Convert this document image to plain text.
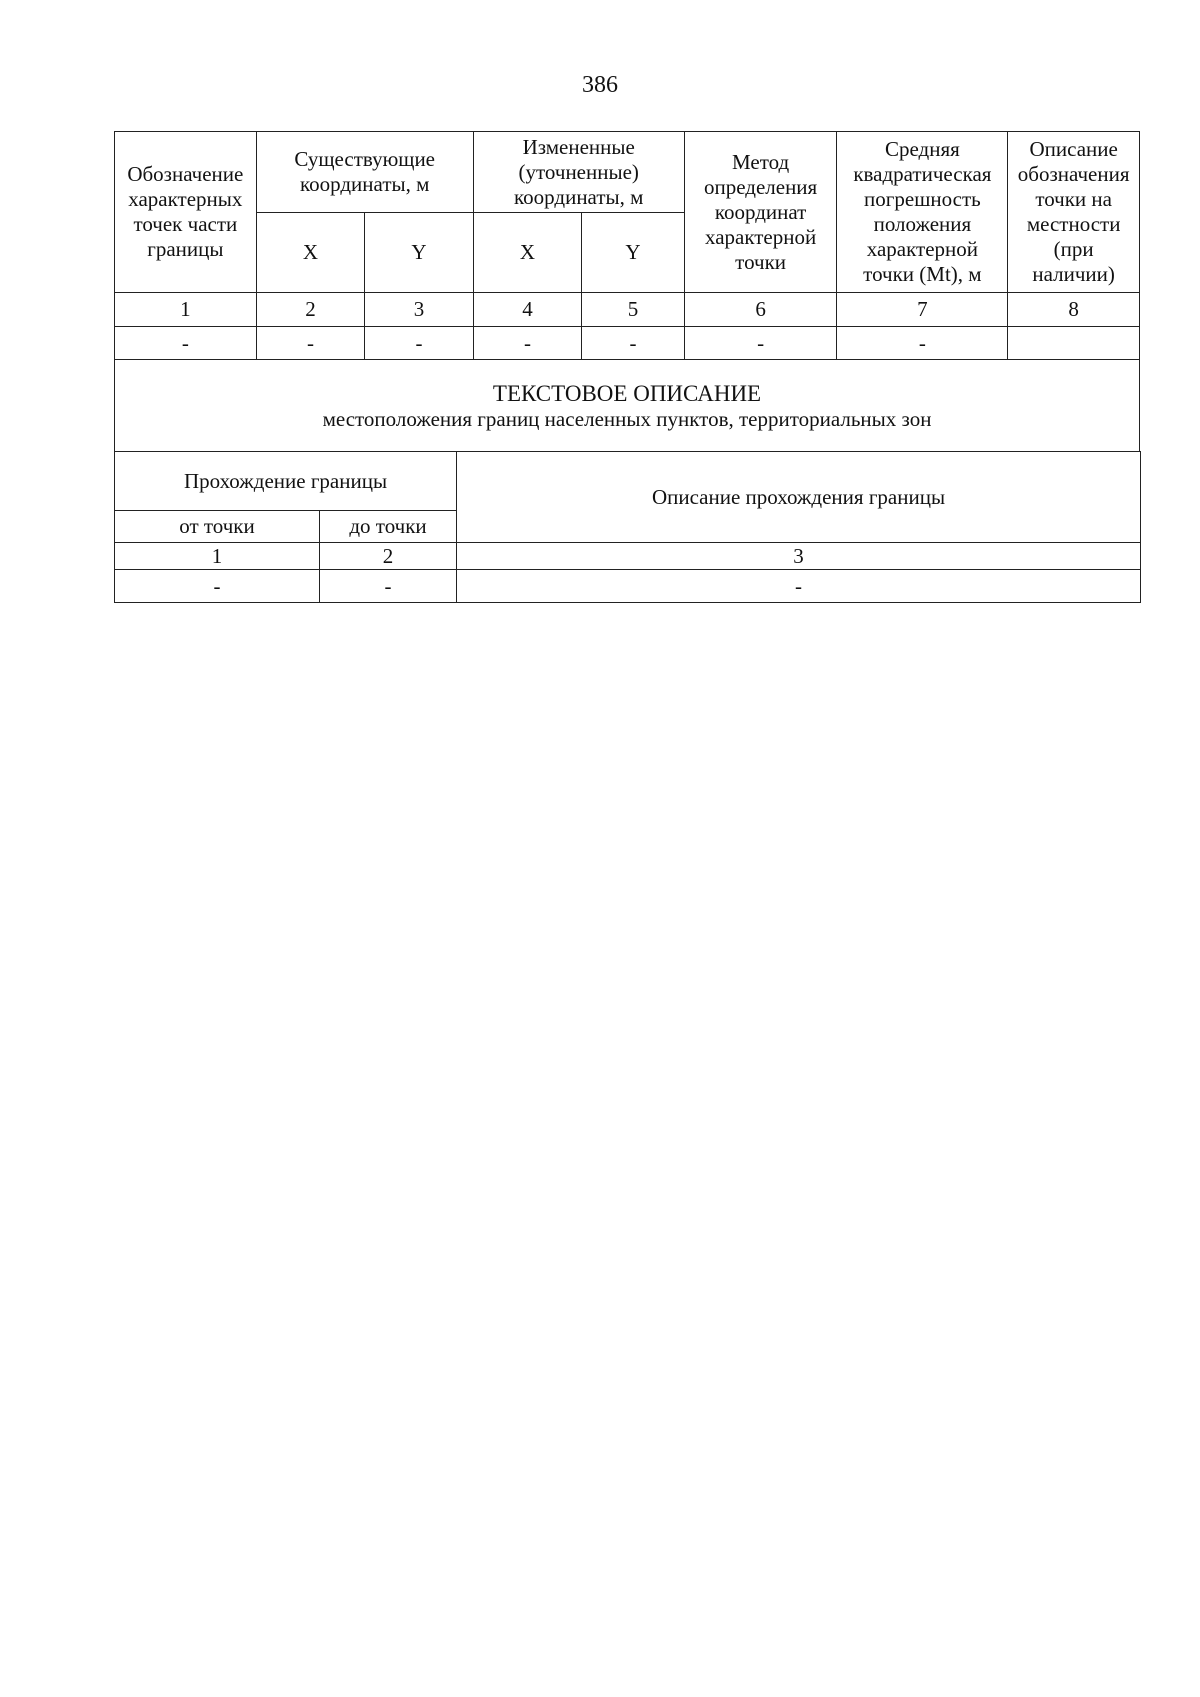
386
Обозначение характерных точек части границы	Существующие координаты, м		Измененные (уточненные) координаты, м		Метод определения координат характерной точки	Средняя квадратическая погрешность положения характерной точки (Mt), м	Описание обозначения точки на местности (при наличии)
	X	Y	X	Y			
1	2	3	4	5	6	7	8
-	-	-	-	-	-	-	

ТЕКСТОВОЕ ОПИСАНИЕ
местоположения границ населенных пунктов, территориальных зон							
Прохождение границы		Описание прохождения границы
от точки	до точки	
1	2	3
-	-	-
